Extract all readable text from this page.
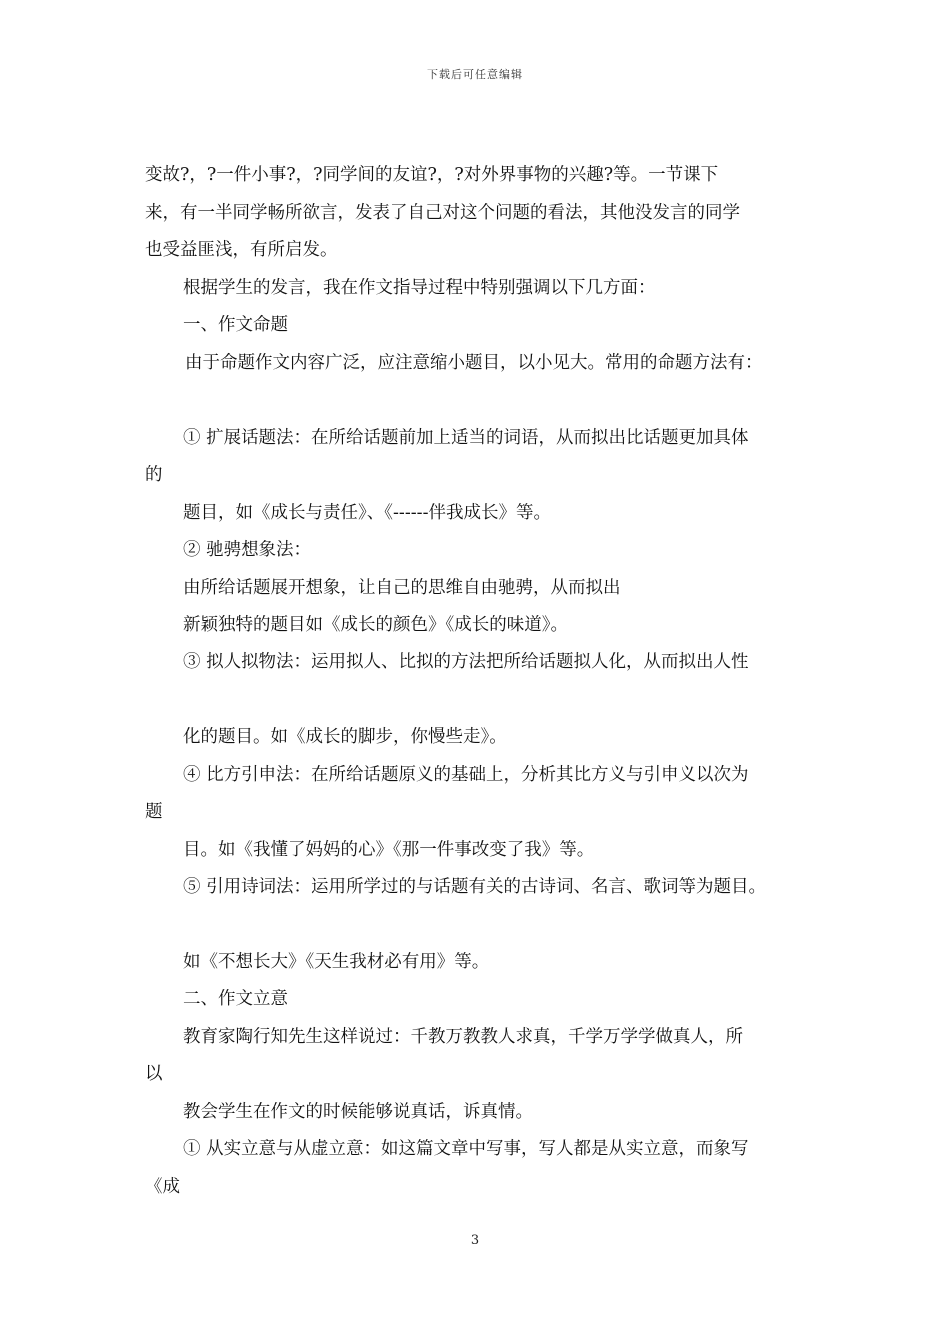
下载后可任意编辑
变故?，?一件小事?，?同学间的友谊?，?对外界事物的兴趣?等。一节课下
来，有一半同学畅所欲言，发表了自己对这个问题的看法，其他没发言的同学
也受益匪浅，有所启发。
根据学生的发言，我在作文指导过程中特别强调以下几方面：
一、作文命题
由于命题作文内容广泛，应注意缩小题目，以小见大。常用的命题方法有：
① 扩展话题法：在所给话题前加上适当的词语，从而拟出比话题更加具体
的
题目，如《成长与责任》、《------伴我成长》等。
② 驰骋想象法：
由所给话题展开想象，让自己的思维自由驰骋，从而拟出
新颖独特的题目如《成长的颜色》《成长的味道》。
③ 拟人拟物法：运用拟人、比拟的方法把所给话题拟人化，从而拟出人性
化的题目。如《成长的脚步，你慢些走》。
④ 比方引申法：在所给话题原义的基础上，分析其比方义与引申义以次为
题
目。如《我懂了妈妈的心》《那一件事改变了我》等。
⑤ 引用诗词法：运用所学过的与话题有关的古诗词、名言、歌词等为题目。
如《不想长大》《天生我材必有用》等。
二、作文立意
教育家陶行知先生这样说过：千教万教教人求真，千学万学学做真人，所
以
教会学生在作文的时候能够说真话，诉真情。
① 从实立意与从虚立意：如这篇文章中写事，写人都是从实立意，而象写
《成
3
